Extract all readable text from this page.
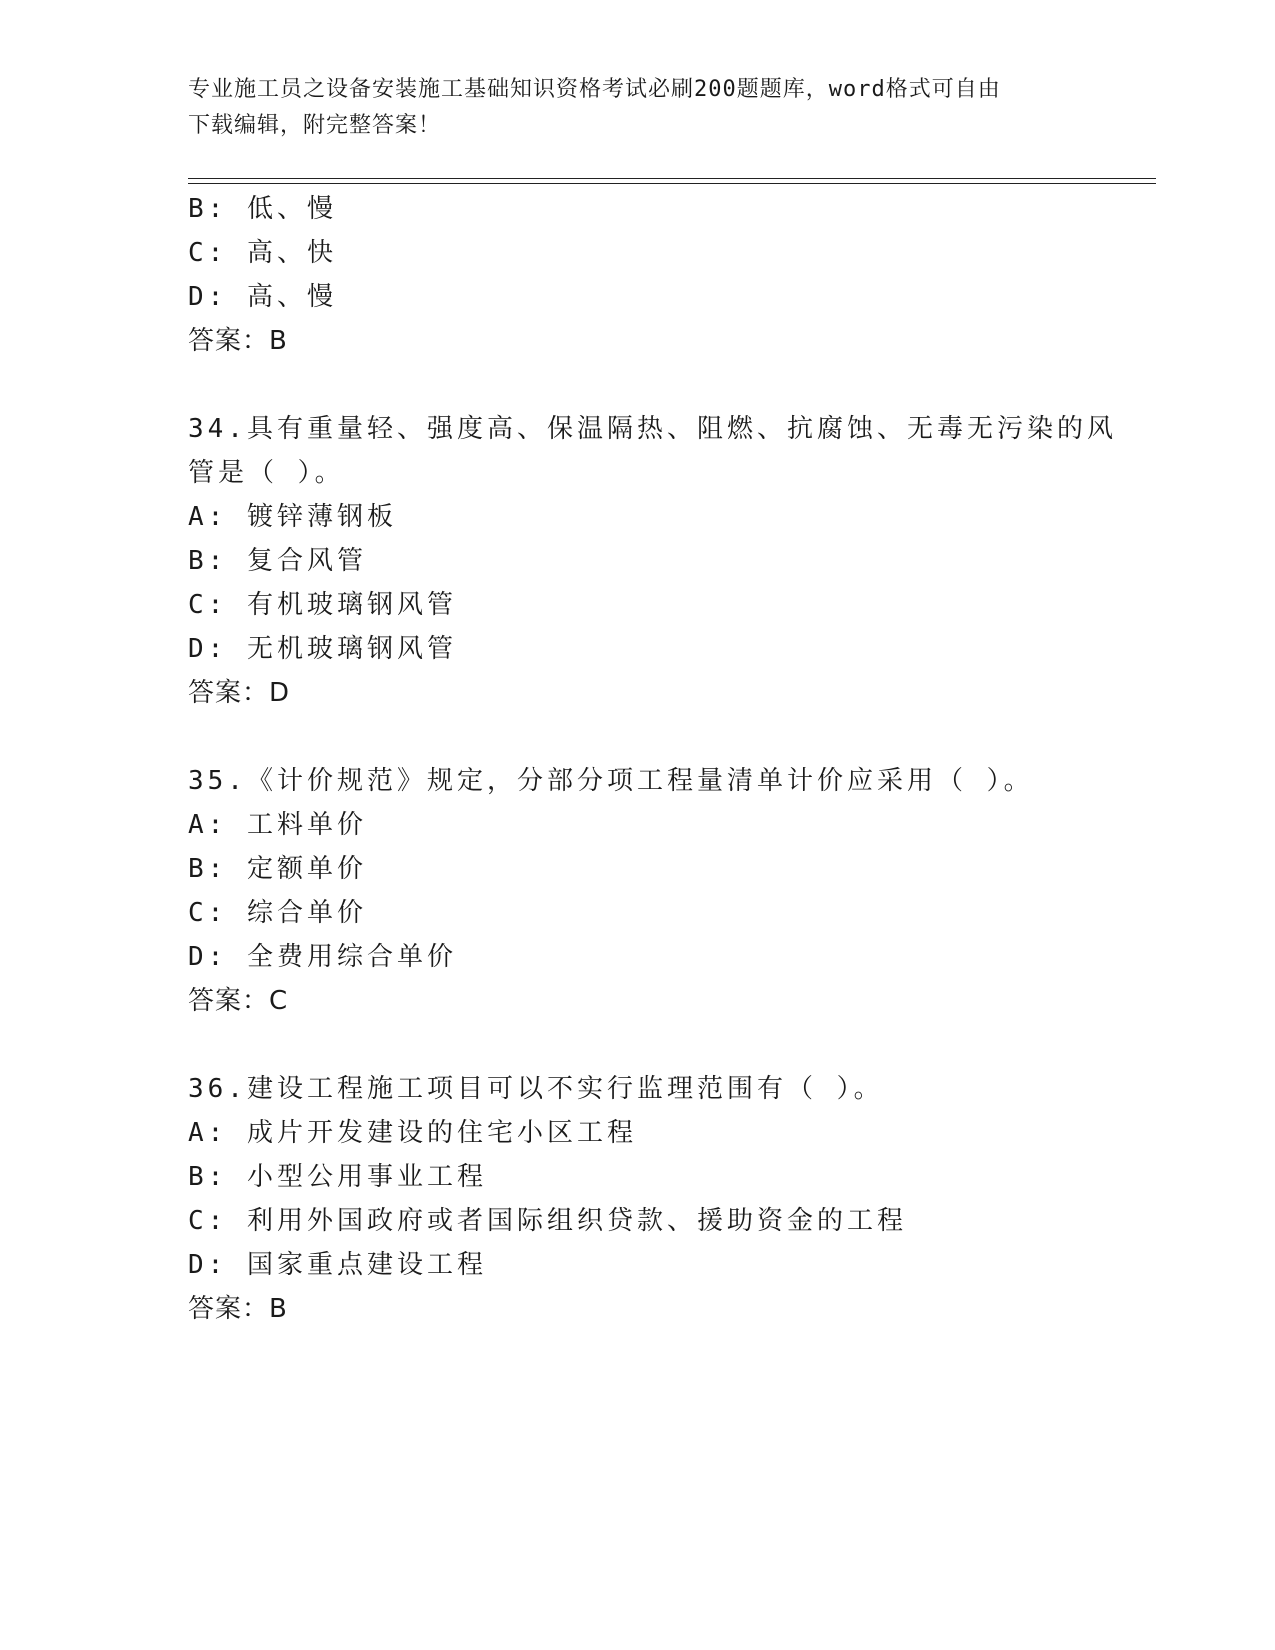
专业施工员之设备安装施工基础知识资格考试必刷200题题库，word格式可自由
下载编辑，附完整答案！
B: 低、慢
C: 高、快
D: 高、慢
答案：B
34.具有重量轻、强度高、保温隔热、阻燃、抗腐蚀、无毒无污染的风
管是（ ）。
A: 镀锌薄钢板
B: 复合风管
C: 有机玻璃钢风管
D: 无机玻璃钢风管
答案：D
35.《计价规范》规定，分部分项工程量清单计价应采用（ ）。
A: 工料单价
B: 定额单价
C: 综合单价
D: 全费用综合单价
答案：C
36.建设工程施工项目可以不实行监理范围有（ ）。
A: 成片开发建设的住宅小区工程
B: 小型公用事业工程
C: 利用外国政府或者国际组织贷款、援助资金的工程
D: 国家重点建设工程
答案：B
